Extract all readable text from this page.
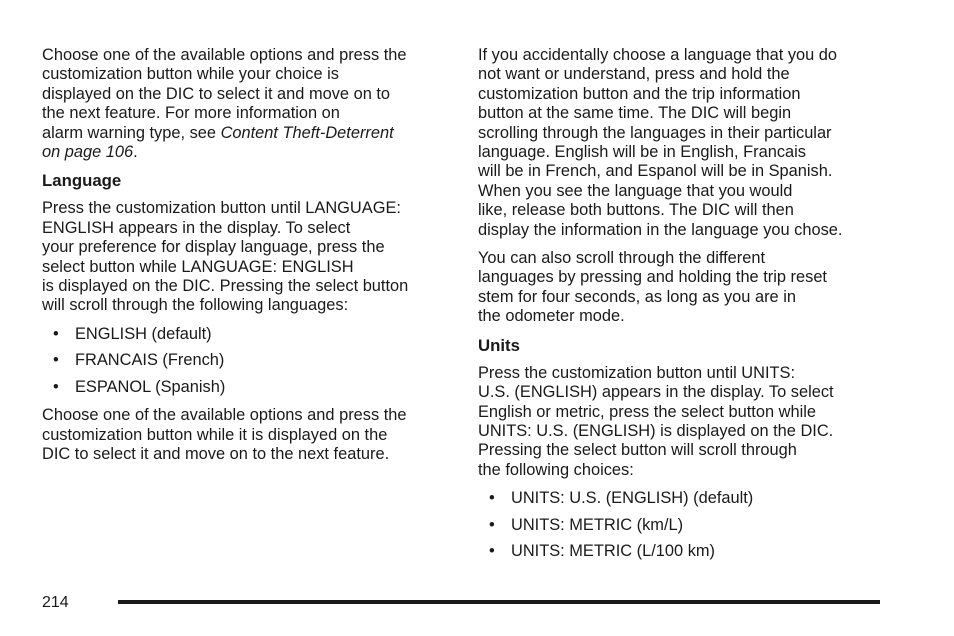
Choose one of the available options and press the
customization button while your choice is
displayed on the DIC to select it and move on to
the next feature. For more information on
alarm warning type, see Content Theft-Deterrent
on page 106.

Language

Press the customization button until LANGUAGE:
ENGLISH appears in the display. To select
your preference for display language, press the
select button while LANGUAGE: ENGLISH
is displayed on the DIC. Pressing the select button
will scroll through the following languages:

• ENGLISH (default)
• FRANCAIS (French)
• ESPANOL (Spanish)

Choose one of the available options and press the
customization button while it is displayed on the
DIC to select it and move on to the next feature.

If you accidentally choose a language that you do
not want or understand, press and hold the
customization button and the trip information
button at the same time. The DIC will begin
scrolling through the languages in their particular
language. English will be in English, Francais
will be in French, and Espanol will be in Spanish.
When you see the language that you would
like, release both buttons. The DIC will then
display the information in the language you chose.

You can also scroll through the different
languages by pressing and holding the trip reset
stem for four seconds, as long as you are in
the odometer mode.

Units

Press the customization button until UNITS:
U.S. (ENGLISH) appears in the display. To select
English or metric, press the select button while
UNITS: U.S. (ENGLISH) is displayed on the DIC.
Pressing the select button will scroll through
the following choices:

• UNITS: U.S. (ENGLISH) (default)
• UNITS: METRIC (km/L)
• UNITS: METRIC (L/100 km)
214
